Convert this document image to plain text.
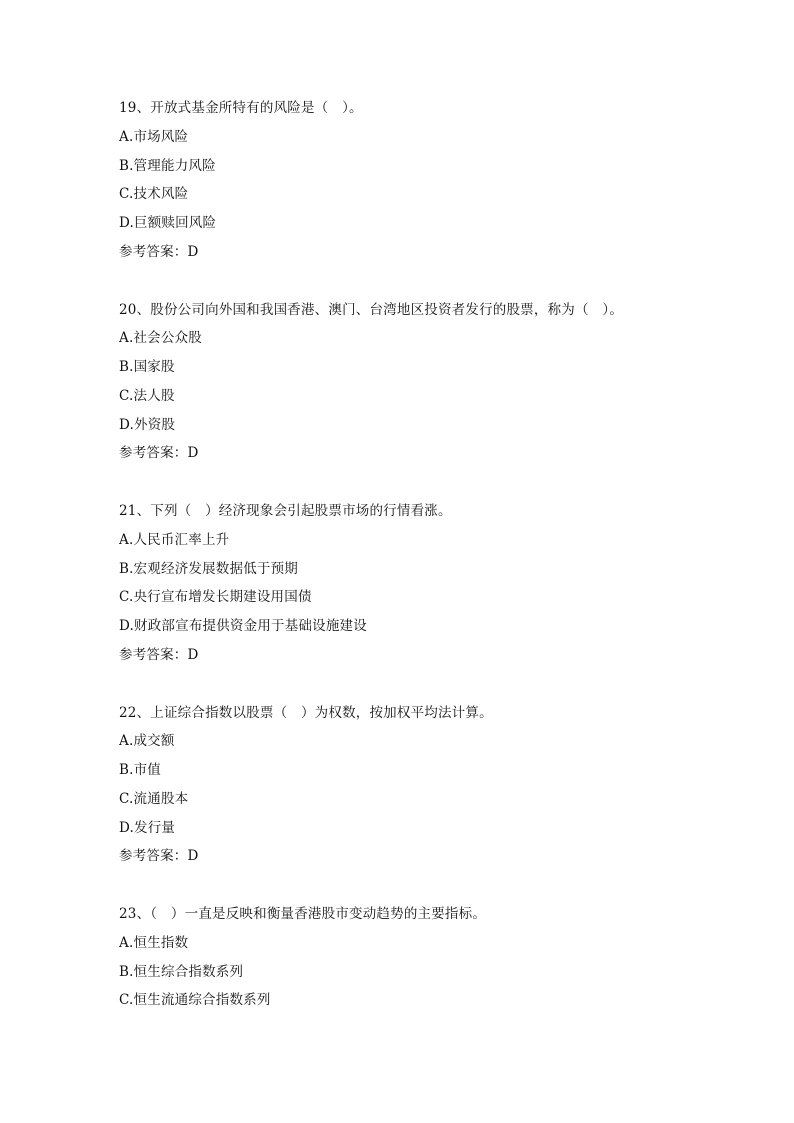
19、开放式基金所特有的风险是（　）。
A.市场风险
B.管理能力风险
C.技术风险
D.巨额赎回风险
参考答案：D
20、股份公司向外国和我国香港、澳门、台湾地区投资者发行的股票，称为（　）。
A.社会公众股
B.国家股
C.法人股
D.外资股
参考答案：D
21、下列（　）经济现象会引起股票市场的行情看涨。
A.人民币汇率上升
B.宏观经济发展数据低于预期
C.央行宣布增发长期建设用国债
D.财政部宣布提供资金用于基础设施建设
参考答案：D
22、上证综合指数以股票（　）为权数，按加权平均法计算。
A.成交额
B.市值
C.流通股本
D.发行量
参考答案：D
23、（　）一直是反映和衡量香港股市变动趋势的主要指标。
A.恒生指数
B.恒生综合指数系列
C.恒生流通综合指数系列
